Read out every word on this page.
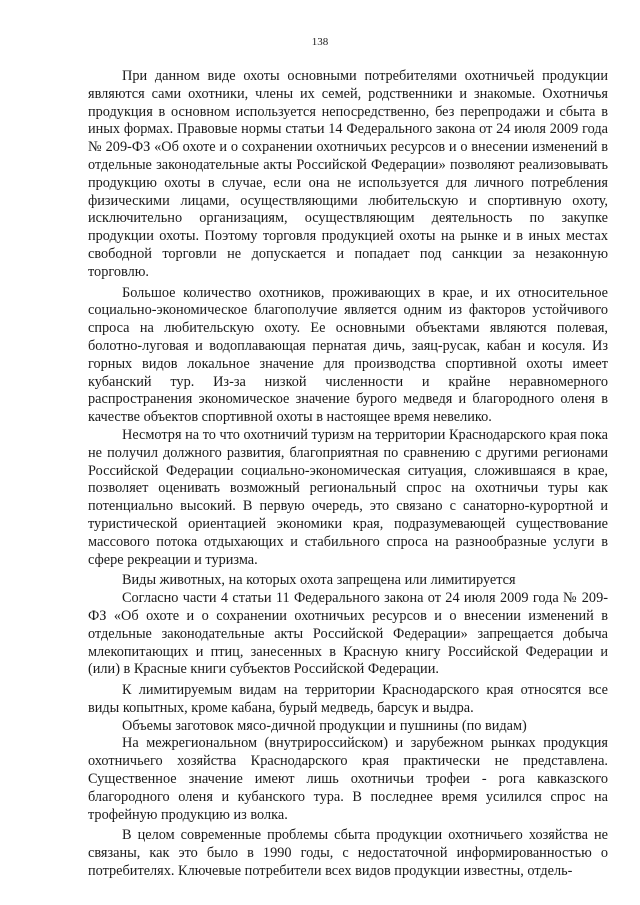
138

При данном виде охоты основными потребителями охотничьей продукции являются сами охотники, члены их семей, родственники и знакомые. Охотничья продукция в основном используется непосредственно, без перепродажи и сбыта в иных формах. Правовые нормы статьи 14 Федерального закона от 24 июля 2009 года № 209-ФЗ «Об охоте и о сохранении охотничьих ресурсов и о внесении изменений в отдельные законодательные акты Российской Федерации» позволяют реализовывать продукцию охоты в случае, если она не используется для личного потребления физическими лицами, осуществляющими любительскую и спортивную охоту, исключительно организациям, осуществляющим деятельность по закупке продукции охоты. Поэтому торговля продукцией охоты на рынке и в иных местах свободной торговли не допускается и попадает под санкции за незаконную торговлю.

Большое количество охотников, проживающих в крае, и их относительное социально-экономическое благополучие является одним из факторов устойчивого спроса на любительскую охоту. Ее основными объектами являются полевая, болотно-луговая и водоплавающая пернатая дичь, заяц-русак, кабан и косуля. Из горных видов локальное значение для производства спортивной охоты имеет кубанский тур. Из-за низкой численности и крайне неравномерного распространения экономическое значение бурого медведя и благородного оленя в качестве объектов спортивной охоты в настоящее время невелико.

Несмотря на то что охотничий туризм на территории Краснодарского края пока не получил должного развития, благоприятная по сравнению с другими регионами Российской Федерации социально-экономическая ситуация, сложившаяся в крае, позволяет оценивать возможный региональный спрос на охотничьи туры как потенциально высокий. В первую очередь, это связано с санаторно-курортной и туристической ориентацией экономики края, подразумевающей существование массового потока отдыхающих и стабильного спроса на разнообразные услуги в сфере рекреации и туризма.

Виды животных, на которых охота запрещена или лимитируется

Согласно части 4 статьи 11 Федерального закона от 24 июля 2009 года № 209-ФЗ «Об охоте и о сохранении охотничьих ресурсов и о внесении изменений в отдельные законодательные акты Российской Федерации» запрещается добыча млекопитающих и птиц, занесенных в Красную книгу Российской Федерации и (или) в Красные книги субъектов Российской Федерации.

К лимитируемым видам на территории Краснодарского края относятся все виды копытных, кроме кабана, бурый медведь, барсук и выдра.

Объемы заготовок мясо-дичной продукции и пушнины (по видам)

На межрегиональном (внутрироссийском) и зарубежном рынках продукция охотничьего хозяйства Краснодарского края практически не представлена. Существенное значение имеют лишь охотничьи трофеи - рога кавказского благородного оленя и кубанского тура. В последнее время усилился спрос на трофейную продукцию из волка.

В целом современные проблемы сбыта продукции охотничьего хозяйства не связаны, как это было в 1990 годы, с недостаточной информированностью о потребителях. Ключевые потребители всех видов продукции известны, отдель-
